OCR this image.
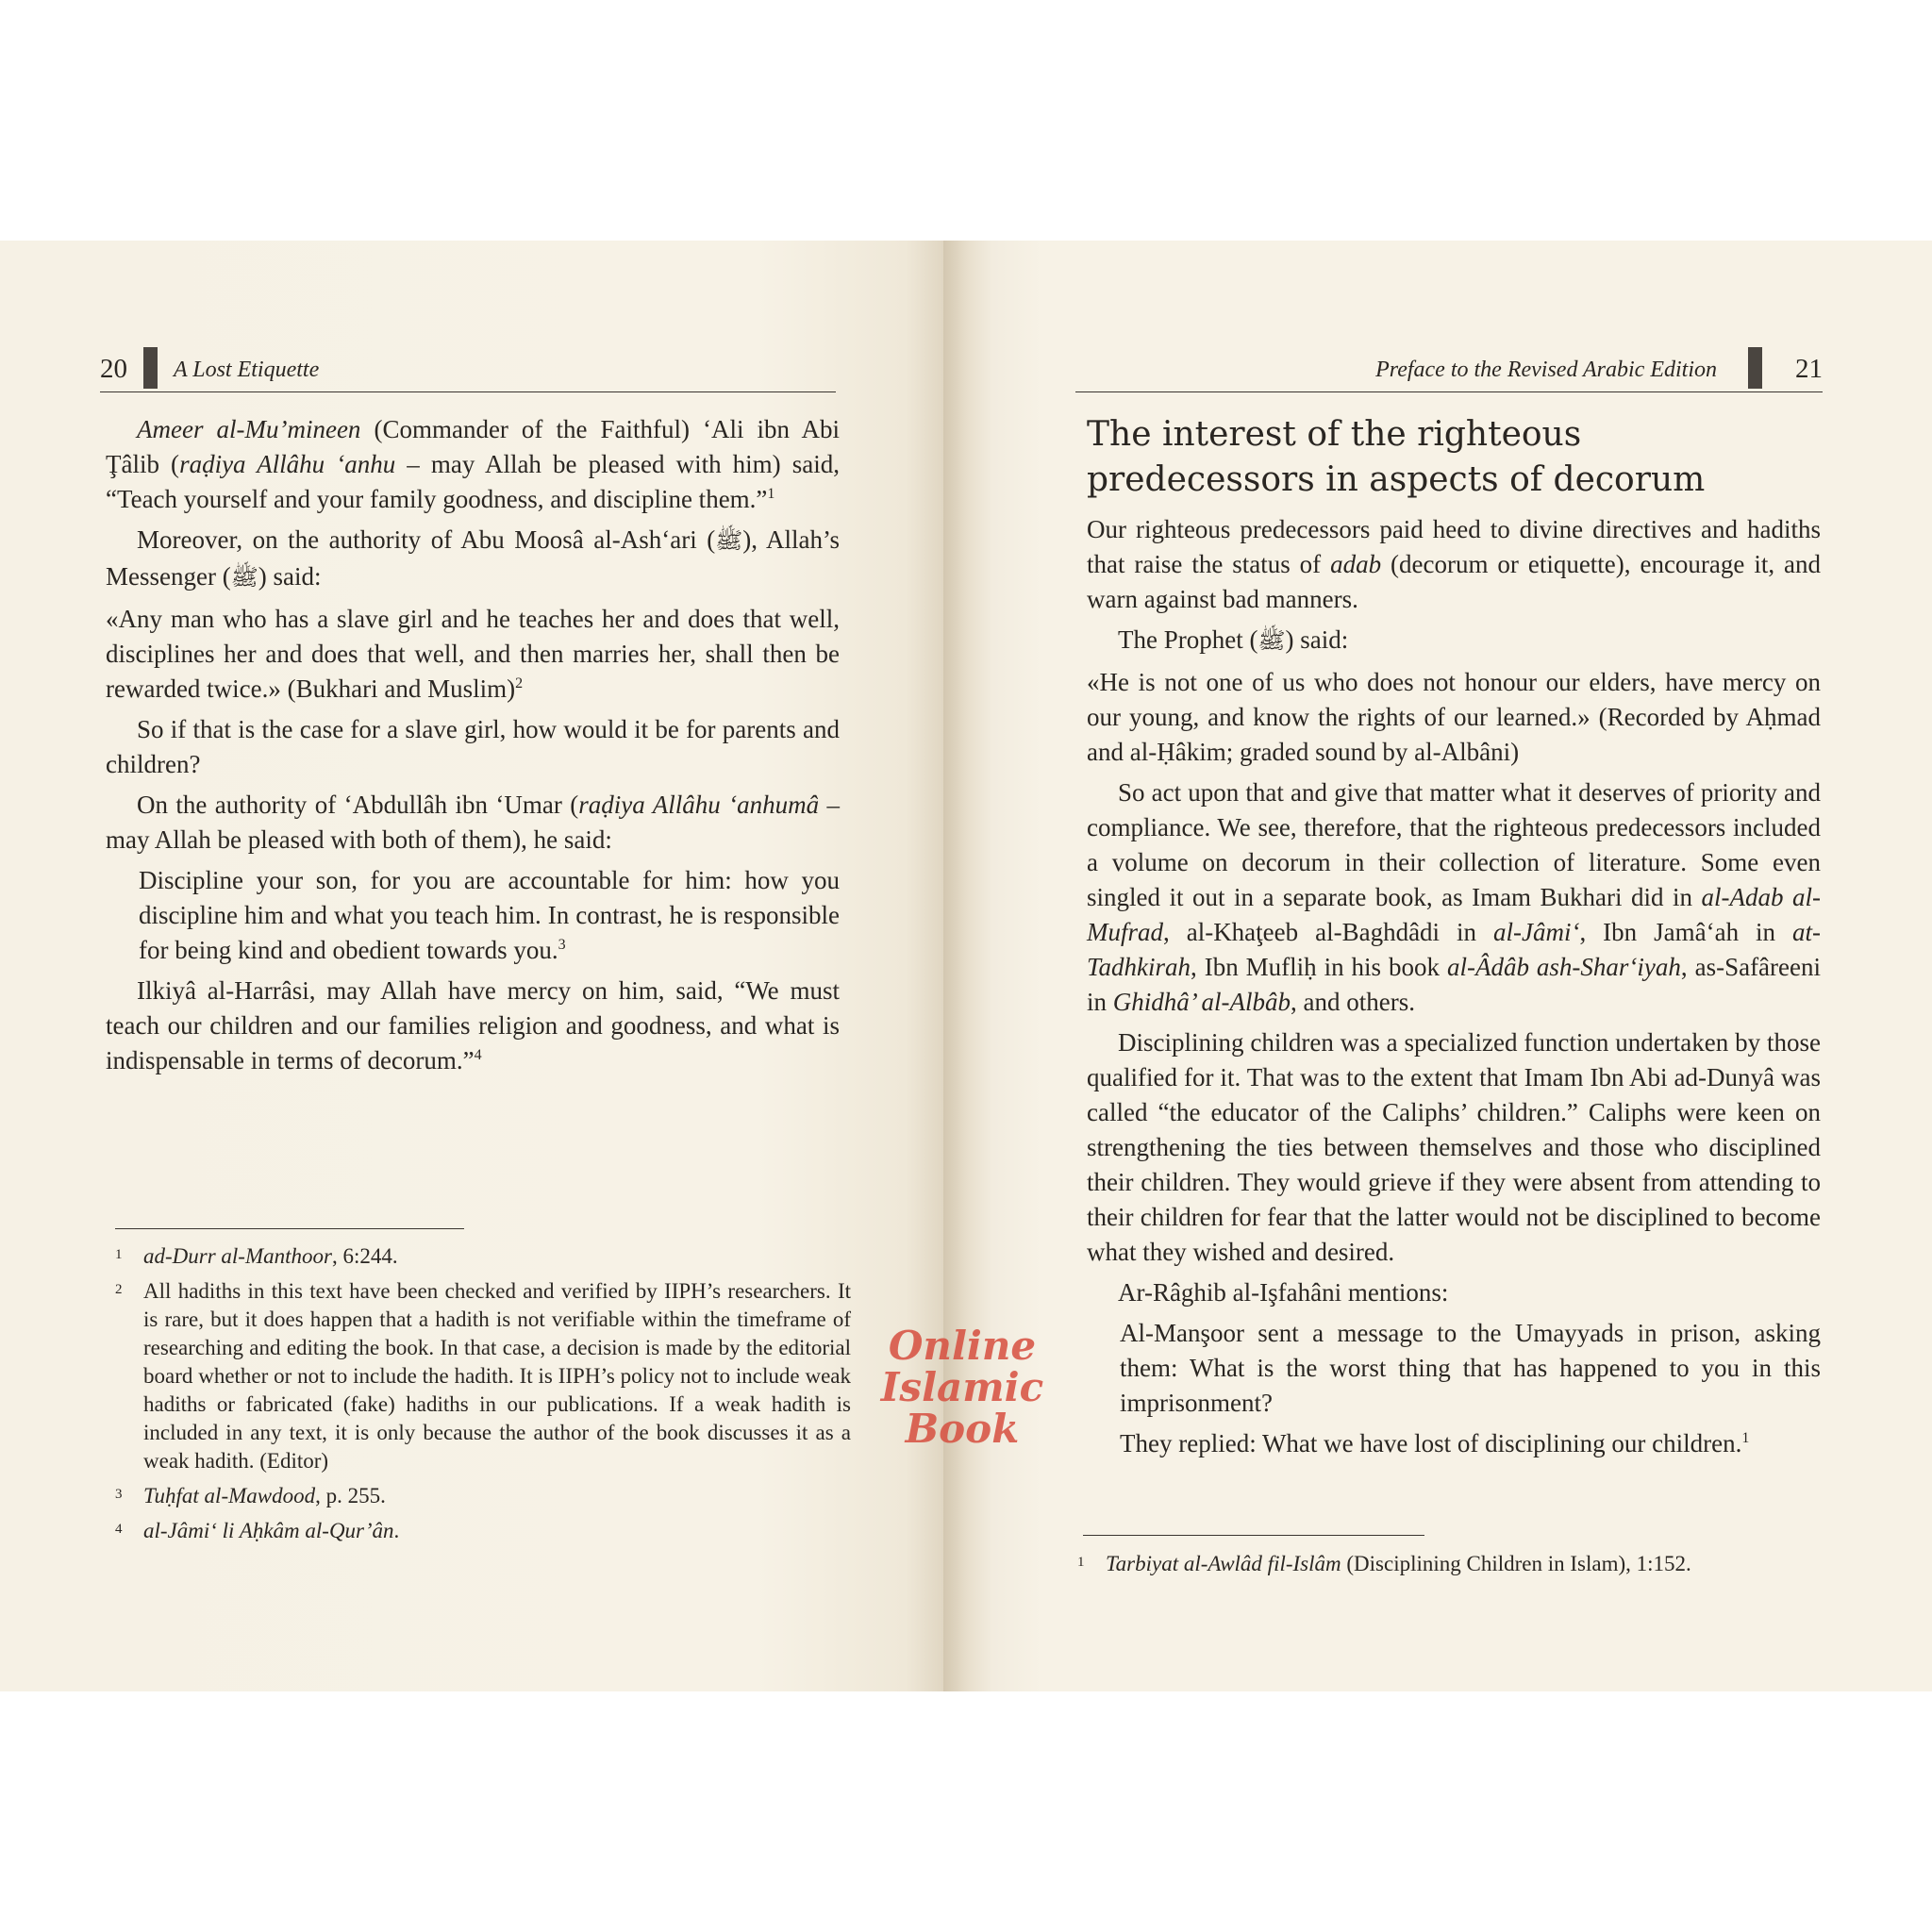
20 A Lost Etiquette

Ameer al-Mu’mineen (Commander of the Faithful) ‘Ali ibn Abi Ţâlib (raḍiya Allâhu ‘anhu – may Allah be pleased with him) said, “Teach yourself and your family goodness, and discipline them.”$^1$

Moreover, on the authority of Abu Moosâ al-Ash‘ari (ﷺ), Allah’s Messenger (ﷺ) said:

«Any man who has a slave girl and he teaches her and does that well, disciplines her and does that well, and then marries her, shall then be rewarded twice.» (Bukhari and Muslim)$^2$

So if that is the case for a slave girl, how would it be for parents and children?

On the authority of ‘Abdullâh ibn ‘Umar (raḍiya Allâhu ‘anhumâ – may Allah be pleased with both of them), he said:

Discipline your son, for you are accountable for him: how you discipline him and what you teach him. In contrast, he is responsible for being kind and obedient towards you.$^3$

Ilkiyâ al-Harrâsi, may Allah have mercy on him, said, “We must teach our children and our families religion and goodness, and what is indispensable in terms of decorum.”$^4$

1 ad-Durr al-Manthoor, 6:244.
2 All hadiths in this text have been checked and verified by IIPH’s researchers. It is rare, but it does happen that a hadith is not verifiable within the timeframe of researching and editing the book. In that case, a decision is made by the editorial board whether or not to include the hadith. It is IIPH’s policy not to include weak hadiths or fabricated (fake) hadiths in our publications. If a weak hadith is included in any text, it is only because the author of the book discusses it as a weak hadith. (Editor)
3 Tuḥfat al-Mawdood, p. 255.
4 al-Jâmi‘ li Aḥkâm al-Qur’ân.
Preface to the Revised Arabic Edition	21
The interest of the righteous
predecessors in aspects of decorum

Our righteous predecessors paid heed to divine directives and hadiths that raise the status of adab (decorum or etiquette), encourage it, and warn against bad manners.

The Prophet (ﷺ) said:

«He is not one of us who does not honour our elders, have mercy on our young, and know the rights of our learned.» (Recorded by Aḥmad and al-Ḥâkim; graded sound by al-Albâni)

So act upon that and give that matter what it deserves of priority and compliance. We see, therefore, that the righteous predecessors included a volume on decorum in their collection of literature. Some even singled it out in a separate book, as Imam Bukhari did in al-Adab al-Mufrad, al-Khaţeeb al-Baghdâdi in al-Jâmi‘, Ibn Jamâ‘ah in at-Tadhkirah, Ibn Mufliḥ in his book al-Âdâb ash-Shar‘iyah, as-Safâreeni in Ghidhâ’ al-Albâb, and others.

Disciplining children was a specialized function undertaken by those qualified for it. That was to the extent that Imam Ibn Abi ad-Dunyâ was called “the educator of the Caliphs’ children.” Caliphs were keen on strengthening the ties between themselves and those who disciplined their children. They would grieve if they were absent from attending to their children for fear that the latter would not be disciplined to become what they wished and desired.

Ar-Râghib al-Işfahâni mentions:

Al-Manşoor sent a message to the Umayyads in prison, asking them: What is the worst thing that has happened to you in this imprisonment?

They replied: What we have lost of disciplining our children.$^1$

1 Tarbiyat al-Awlâd fil-Islâm (Disciplining Children in Islam), 1:152.
Online Islamic
Book
